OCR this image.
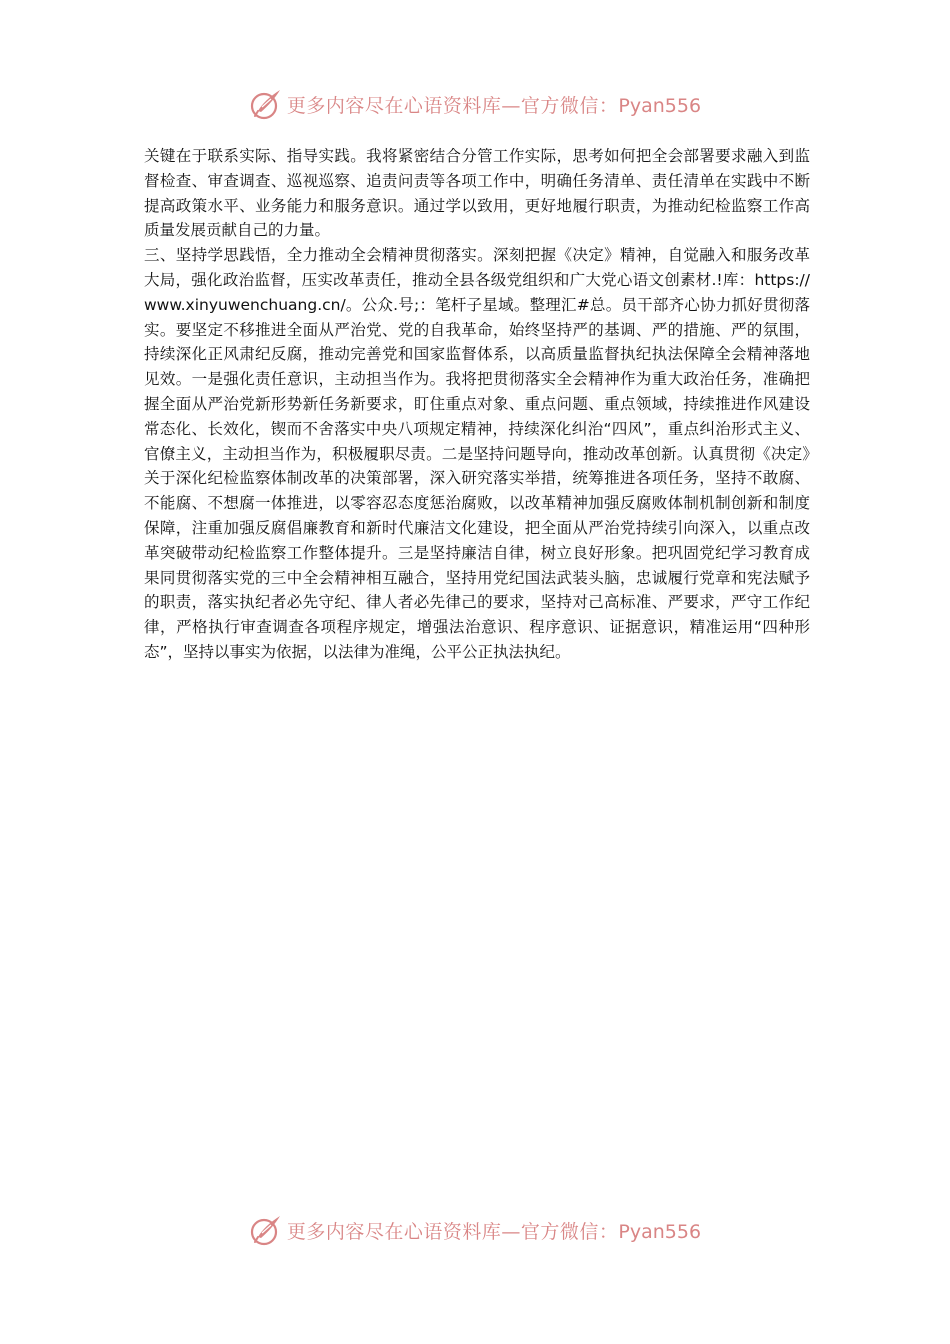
更多内容尽在心语资料库—官方微信：Pyan556

关键在于联系实际、指导实践。我将紧密结合分管工作实际，思考如何把全会部署要求融入到监督检查、审查调查、巡视巡察、追责问责等各项工作中，明确任务清单、责任清单在实践中不断提高政策水平、业务能力和服务意识。通过学以致用，更好地履行职责，为推动纪检监察工作高质量发展贡献自己的力量。

三、坚持学思践悟，全力推动全会精神贯彻落实。深刻把握《决定》精神，自觉融入和服务改革大局，强化政治监督，压实改革责任，推动全县各级党组织和广大党心语文创素材.!库：https://www.xinyuwenchuang.cn/。公众.号;：笔杆子星域。整理汇#总。员干部齐心协力抓好贯彻落实。要坚定不移推进全面从严治党、党的自我革命，始终坚持严的基调、严的措施、严的氛围，持续深化正风肃纪反腐，推动完善党和国家监督体系，以高质量监督执纪执法保障全会精神落地见效。一是强化责任意识，主动担当作为。我将把贯彻落实全会精神作为重大政治任务，准确把握全面从严治党新形势新任务新要求，盯住重点对象、重点问题、重点领域，持续推进作风建设常态化、长效化，锲而不舍落实中央八项规定精神，持续深化纠治“四风”，重点纠治形式主义、官僚主义，主动担当作为，积极履职尽责。二是坚持问题导向，推动改革创新。认真贯彻《决定》关于深化纪检监察体制改革的决策部署，深入研究落实举措，统筹推进各项任务，坚持不敢腐、不能腐、不想腐一体推进，以零容忍态度惩治腐败，以改革精神加强反腐败体制机制创新和制度保障，注重加强反腐倡廉教育和新时代廉洁文化建设，把全面从严治党持续引向深入，以重点改革突破带动纪检监察工作整体提升。三是坚持廉洁自律，树立良好形象。把巩固党纪学习教育成果同贯彻落实党的三中全会精神相互融合，坚持用党纪国法武装头脑，忠诚履行党章和宪法赋予的职责，落实执纪者必先守纪、律人者必先律己的要求，坚持对己高标准、严要求，严守工作纪律，严格执行审查调查各项程序规定，增强法治意识、程序意识、证据意识，精准运用“四种形态”，坚持以事实为依据，以法律为准绳，公平公正执法执纪。

更多内容尽在心语资料库—官方微信：Pyan556
